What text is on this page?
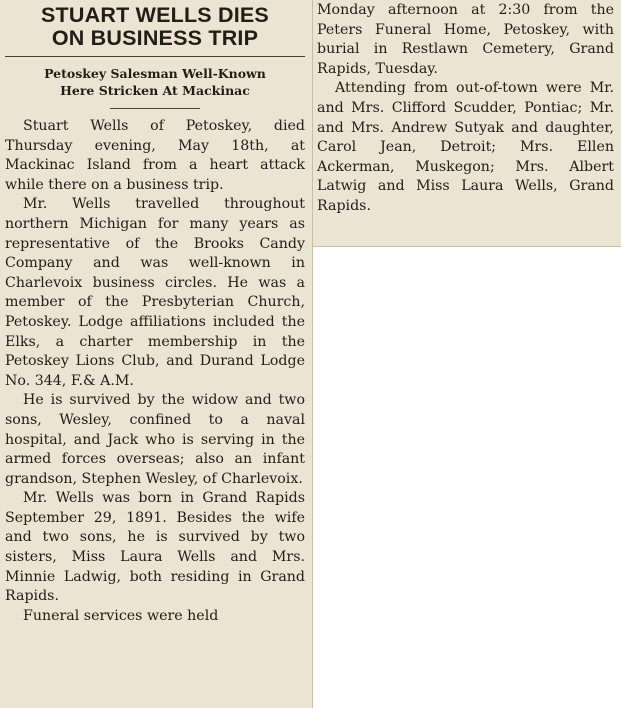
STUART WELLS DIES
ON BUSINESS TRIP
Petoskey Salesman Well-Known
Here Stricken At Mackinac
Stuart Wells of Petoskey, died Thursday evening, May 18th, at Mackinac Island from a heart attack while there on a business trip.
Mr. Wells travelled throughout northern Michigan for many years as representative of the Brooks Candy Company and was well-known in Charlevoix business circles. He was a member of the Presbyterian Church, Petoskey. Lodge affiliations included the Elks, a charter membership in the Petoskey Lions Club, and Durand Lodge No. 344, F.& A.M.
He is survived by the widow and two sons, Wesley, confined to a naval hospital, and Jack who is serving in the armed forces overseas; also an infant grandson, Stephen Wesley, of Charlevoix.
Mr. Wells was born in Grand Rapids September 29, 1891. Besides the wife and two sons, he is survived by two sisters, Miss Laura Wells and Mrs. Minnie Ladwig, both residing in Grand Rapids.
Funeral services were held
Monday afternoon at 2:30 from the Peters Funeral Home, Petoskey, with burial in Restlawn Cemetery, Grand Rapids, Tuesday.
Attending from out-of-town were Mr. and Mrs. Clifford Scudder, Pontiac; Mr. and Mrs. Andrew Sutyak and daughter, Carol Jean, Detroit; Mrs. Ellen Ackerman, Muskegon; Mrs. Albert Latwig and Miss Laura Wells, Grand Rapids.
